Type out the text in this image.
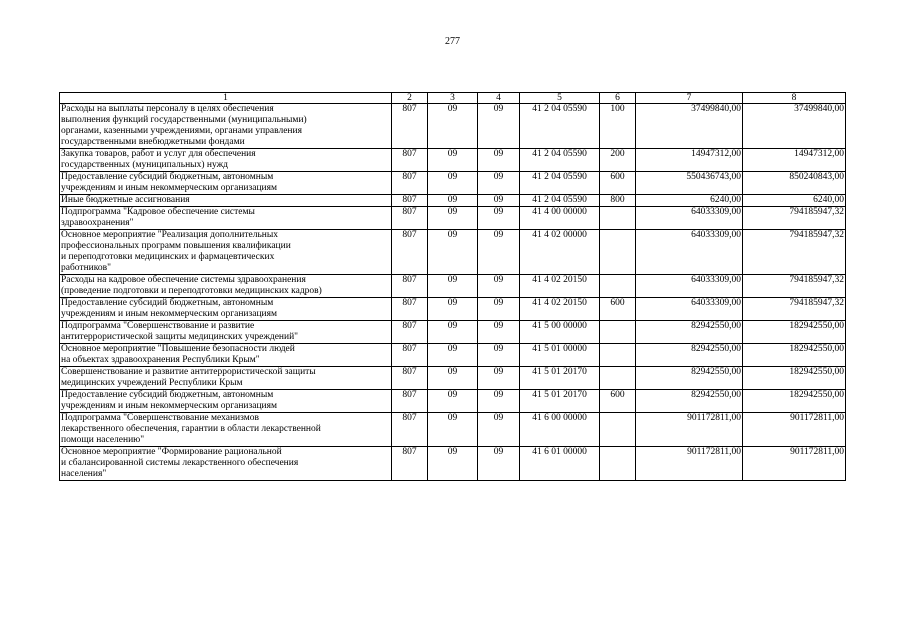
277
1	2	3	4	5	6	7	8
Расходы на выплаты персоналу в целях обеспечения
выполнения функций государственными (муниципальными)
органами, казенными учреждениями, органами управления
государственными внебюджетными фондами	807	09	09	41 2 04 05590	100	37499840,00	37499840,00
Закупка товаров, работ и услуг для обеспечения
государственных (муниципальных) нужд	807	09	09	41 2 04 05590	200	14947312,00	14947312,00
Предоставление субсидий бюджетным, автономным
учреждениям и иным некоммерческим организациям	807	09	09	41 2 04 05590	600	550436743,00	850240843,00
Иные бюджетные ассигнования	807	09	09	41 2 04 05590	800	6240,00	6240,00
Подпрограмма "Кадровое обеспечение системы
здравоохранения"	807	09	09	41 4 00 00000		64033309,00	794185947,32
Основное мероприятие "Реализация дополнительных
профессиональных программ повышения квалификации
и переподготовки медицинских и фармацевтических
работников"	807	09	09	41 4 02 00000		64033309,00	794185947,32
Расходы на кадровое обеспечение системы здравоохранения
(проведение подготовки и переподготовки медицинских кадров)	807	09	09	41 4 02 20150		64033309,00	794185947,32
Предоставление субсидий бюджетным, автономным
учреждениям и иным некоммерческим организациям	807	09	09	41 4 02 20150	600	64033309,00	794185947,32
Подпрограмма "Совершенствование и развитие
антитеррористической защиты медицинских учреждений"	807	09	09	41 5 00 00000		82942550,00	182942550,00
Основное мероприятие "Повышение безопасности людей
на объектах здравоохранения Республики Крым"	807	09	09	41 5 01 00000		82942550,00	182942550,00
Совершенствование и развитие антитеррористической защиты
медицинских учреждений Республики Крым	807	09	09	41 5 01 20170		82942550,00	182942550,00
Предоставление субсидий бюджетным, автономным
учреждениям и иным некоммерческим организациям	807	09	09	41 5 01 20170	600	82942550,00	182942550,00
Подпрограмма "Совершенствование механизмов
лекарственного обеспечения, гарантии в области лекарственной
помощи населению"	807	09	09	41 6 00 00000		901172811,00	901172811,00
Основное мероприятие "Формирование рациональной
и сбалансированной системы лекарственного обеспечения
населения"	807	09	09	41 6 01 00000		901172811,00	901172811,00
